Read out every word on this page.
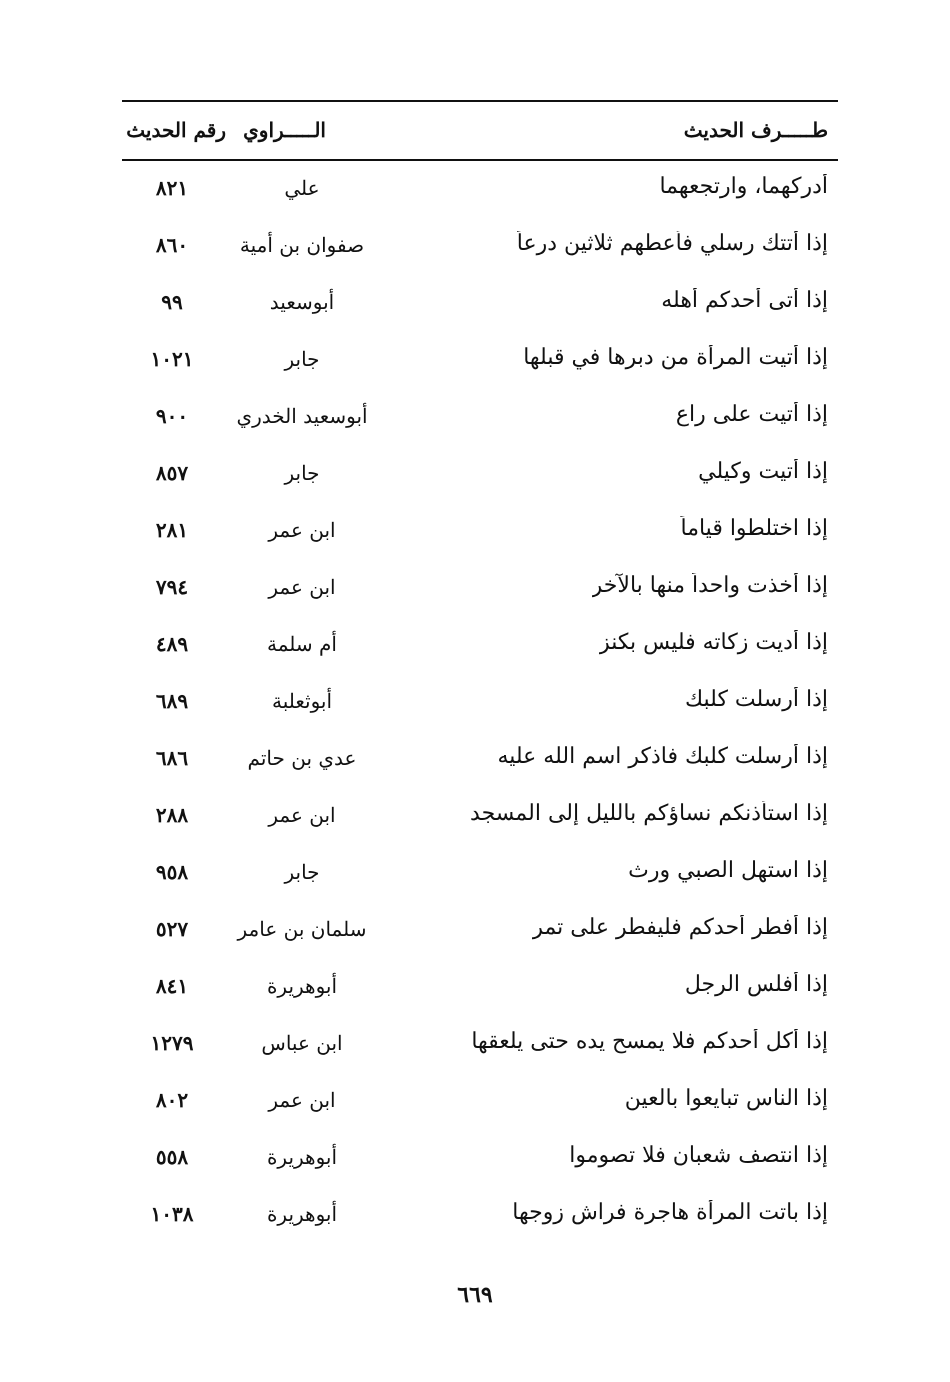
طـــــرف الحديث
الـــــراوي
رقم الحديث
أدركهما، وارتجعهما
علي
٨٢١
إذا أتتك رسلي فأعطهم ثلاثين درعاً
صفوان بن أمية
٨٦٠
إذا أتى أحدكم أهله
أبوسعيد
٩٩
إذا أتيت المرأة من دبرها في قبلها
جابر
١٠٢١
إذا أتيت على راع
أبوسعيد الخدري
٩٠٠
إذا أتيت وكيلي
جابر
٨٥٧
إذا اختلطوا قياماً
ابن عمر
٢٨١
إذا أخذت واحداً منها بالآخر
ابن عمر
٧٩٤
إذا أديت زكاته فليس بكنز
أم سلمة
٤٨٩
إذا أرسلت كلبك
أبوثعلبة
٦٨٩
إذا أرسلت كلبك فاذكر اسم الله عليه
عدي بن حاتم
٦٨٦
إذا استأذنكم نساؤكم بالليل إلى المسجد
ابن عمر
٢٨٨
إذا استهل الصبي ورث
جابر
٩٥٨
إذا أفطر أحدكم فليفطر على تمر
سلمان بن عامر
٥٢٧
إذا أفلس الرجل
أبوهريرة
٨٤١
إذا أكل أحدكم فلا يمسح يده حتى يلعقها
ابن عباس
١٢٧٩
إذا الناس تبايعوا بالعين
ابن عمر
٨٠٢
إذا انتصف شعبان فلا تصوموا
أبوهريرة
٥٥٨
إذا باتت المرأة هاجرة فراش زوجها
أبوهريرة
١٠٣٨
٦٦٩
